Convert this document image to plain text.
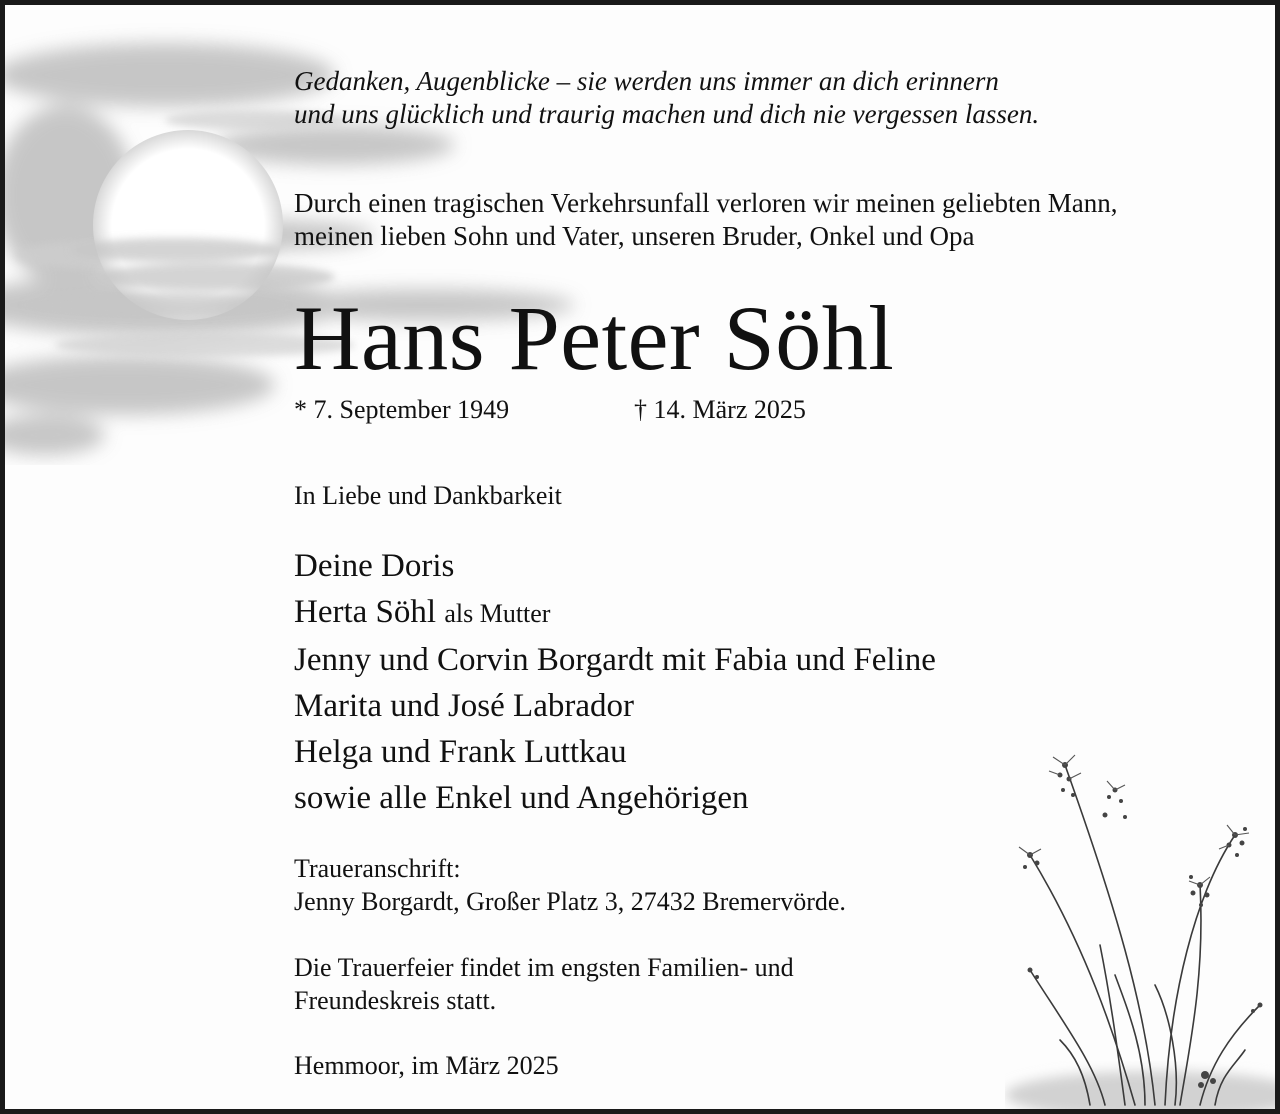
Gedanken, Augenblicke – sie werden uns immer an dich erinnern
und uns glücklich und traurig machen und dich nie vergessen lassen.

Durch einen tragischen Verkehrsunfall verloren wir meinen geliebten Mann,
meinen lieben Sohn und Vater, unseren Bruder, Onkel und Opa

Hans Peter Söhl
* 7. September 1949	† 14. März 2025

In Liebe und Dankbarkeit

Deine Doris
Herta Söhl als Mutter
Jenny und Corvin Borgardt mit Fabia und Feline
Marita und José Labrador
Helga und Frank Luttkau
sowie alle Enkel und Angehörigen

Traueranschrift:
Jenny Borgardt, Großer Platz 3, 27432 Bremervörde.

Die Trauerfeier findet im engsten Familien- und
Freundeskreis statt.

Hemmoor, im März 2025
